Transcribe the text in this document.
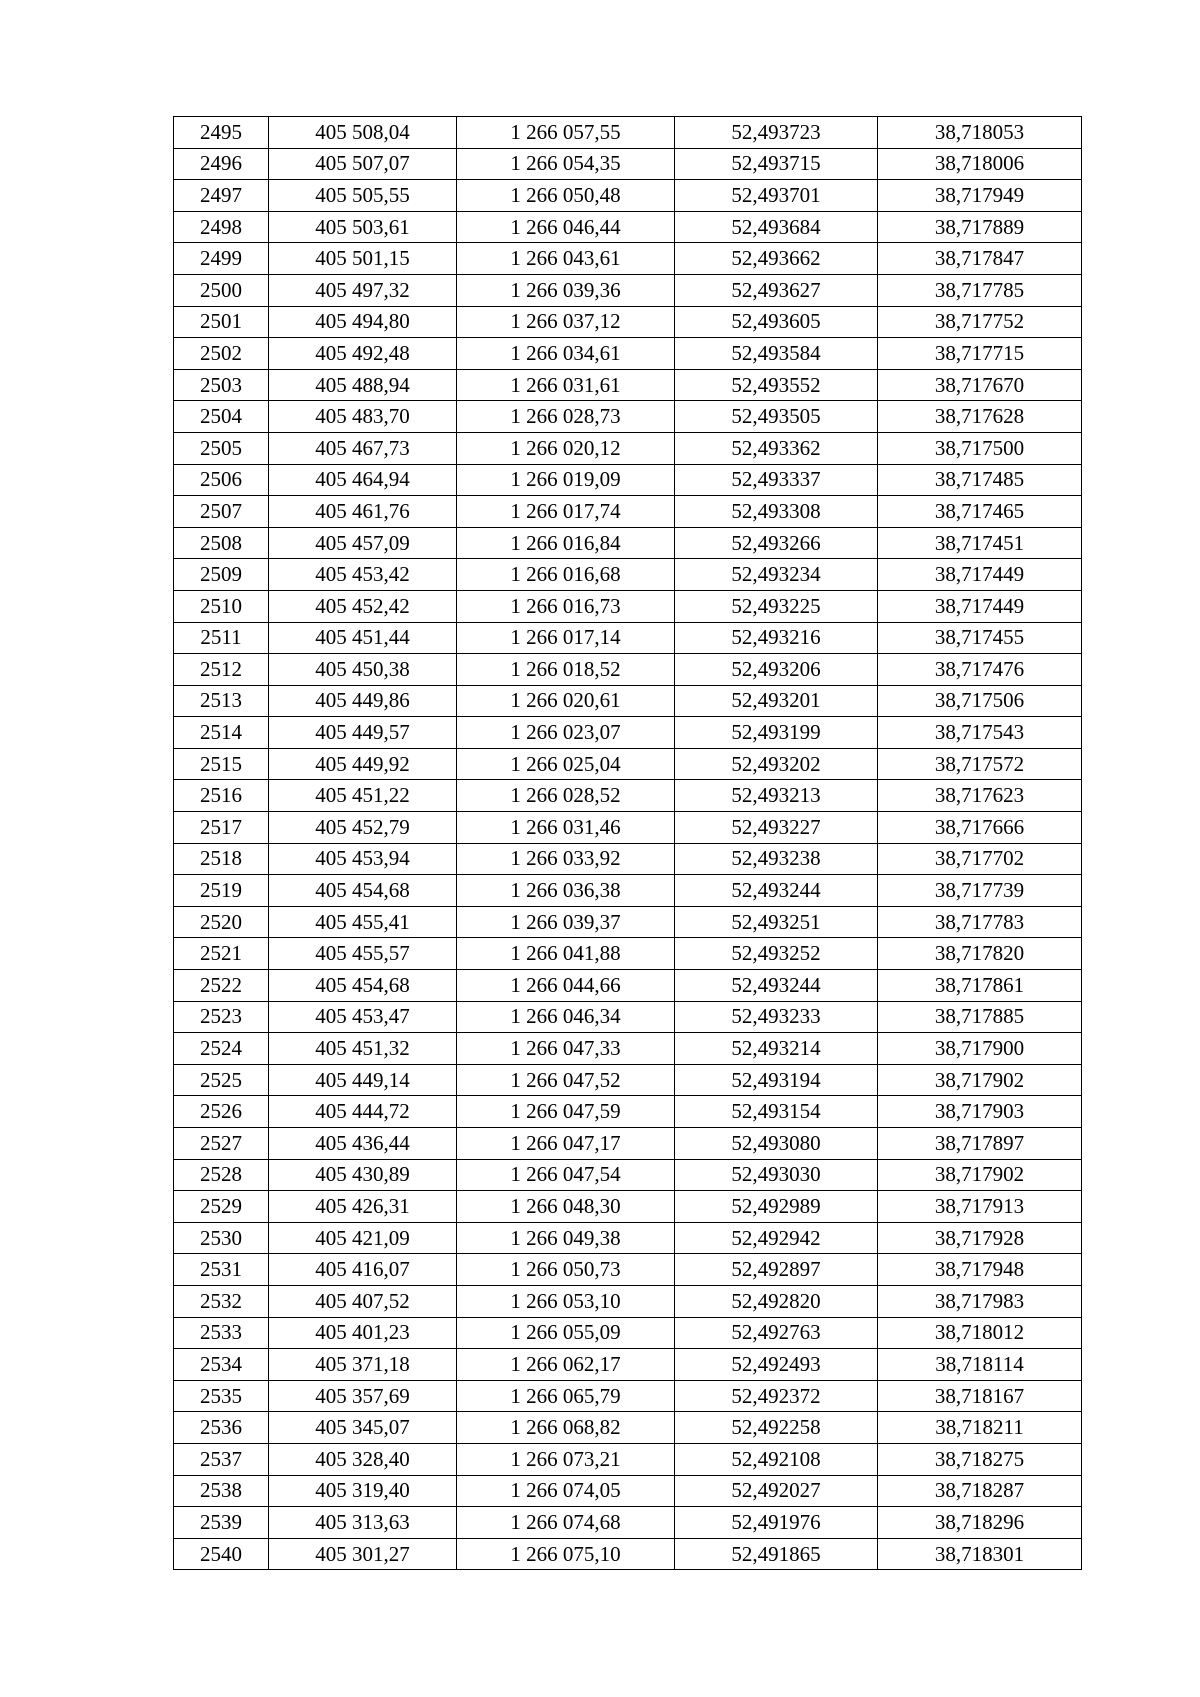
2495	405 508,04	1 266 057,55	52,493723	38,718053
2496	405 507,07	1 266 054,35	52,493715	38,718006
2497	405 505,55	1 266 050,48	52,493701	38,717949
2498	405 503,61	1 266 046,44	52,493684	38,717889
2499	405 501,15	1 266 043,61	52,493662	38,717847
2500	405 497,32	1 266 039,36	52,493627	38,717785
2501	405 494,80	1 266 037,12	52,493605	38,717752
2502	405 492,48	1 266 034,61	52,493584	38,717715
2503	405 488,94	1 266 031,61	52,493552	38,717670
2504	405 483,70	1 266 028,73	52,493505	38,717628
2505	405 467,73	1 266 020,12	52,493362	38,717500
2506	405 464,94	1 266 019,09	52,493337	38,717485
2507	405 461,76	1 266 017,74	52,493308	38,717465
2508	405 457,09	1 266 016,84	52,493266	38,717451
2509	405 453,42	1 266 016,68	52,493234	38,717449
2510	405 452,42	1 266 016,73	52,493225	38,717449
2511	405 451,44	1 266 017,14	52,493216	38,717455
2512	405 450,38	1 266 018,52	52,493206	38,717476
2513	405 449,86	1 266 020,61	52,493201	38,717506
2514	405 449,57	1 266 023,07	52,493199	38,717543
2515	405 449,92	1 266 025,04	52,493202	38,717572
2516	405 451,22	1 266 028,52	52,493213	38,717623
2517	405 452,79	1 266 031,46	52,493227	38,717666
2518	405 453,94	1 266 033,92	52,493238	38,717702
2519	405 454,68	1 266 036,38	52,493244	38,717739
2520	405 455,41	1 266 039,37	52,493251	38,717783
2521	405 455,57	1 266 041,88	52,493252	38,717820
2522	405 454,68	1 266 044,66	52,493244	38,717861
2523	405 453,47	1 266 046,34	52,493233	38,717885
2524	405 451,32	1 266 047,33	52,493214	38,717900
2525	405 449,14	1 266 047,52	52,493194	38,717902
2526	405 444,72	1 266 047,59	52,493154	38,717903
2527	405 436,44	1 266 047,17	52,493080	38,717897
2528	405 430,89	1 266 047,54	52,493030	38,717902
2529	405 426,31	1 266 048,30	52,492989	38,717913
2530	405 421,09	1 266 049,38	52,492942	38,717928
2531	405 416,07	1 266 050,73	52,492897	38,717948
2532	405 407,52	1 266 053,10	52,492820	38,717983
2533	405 401,23	1 266 055,09	52,492763	38,718012
2534	405 371,18	1 266 062,17	52,492493	38,718114
2535	405 357,69	1 266 065,79	52,492372	38,718167
2536	405 345,07	1 266 068,82	52,492258	38,718211
2537	405 328,40	1 266 073,21	52,492108	38,718275
2538	405 319,40	1 266 074,05	52,492027	38,718287
2539	405 313,63	1 266 074,68	52,491976	38,718296
2540	405 301,27	1 266 075,10	52,491865	38,718301
